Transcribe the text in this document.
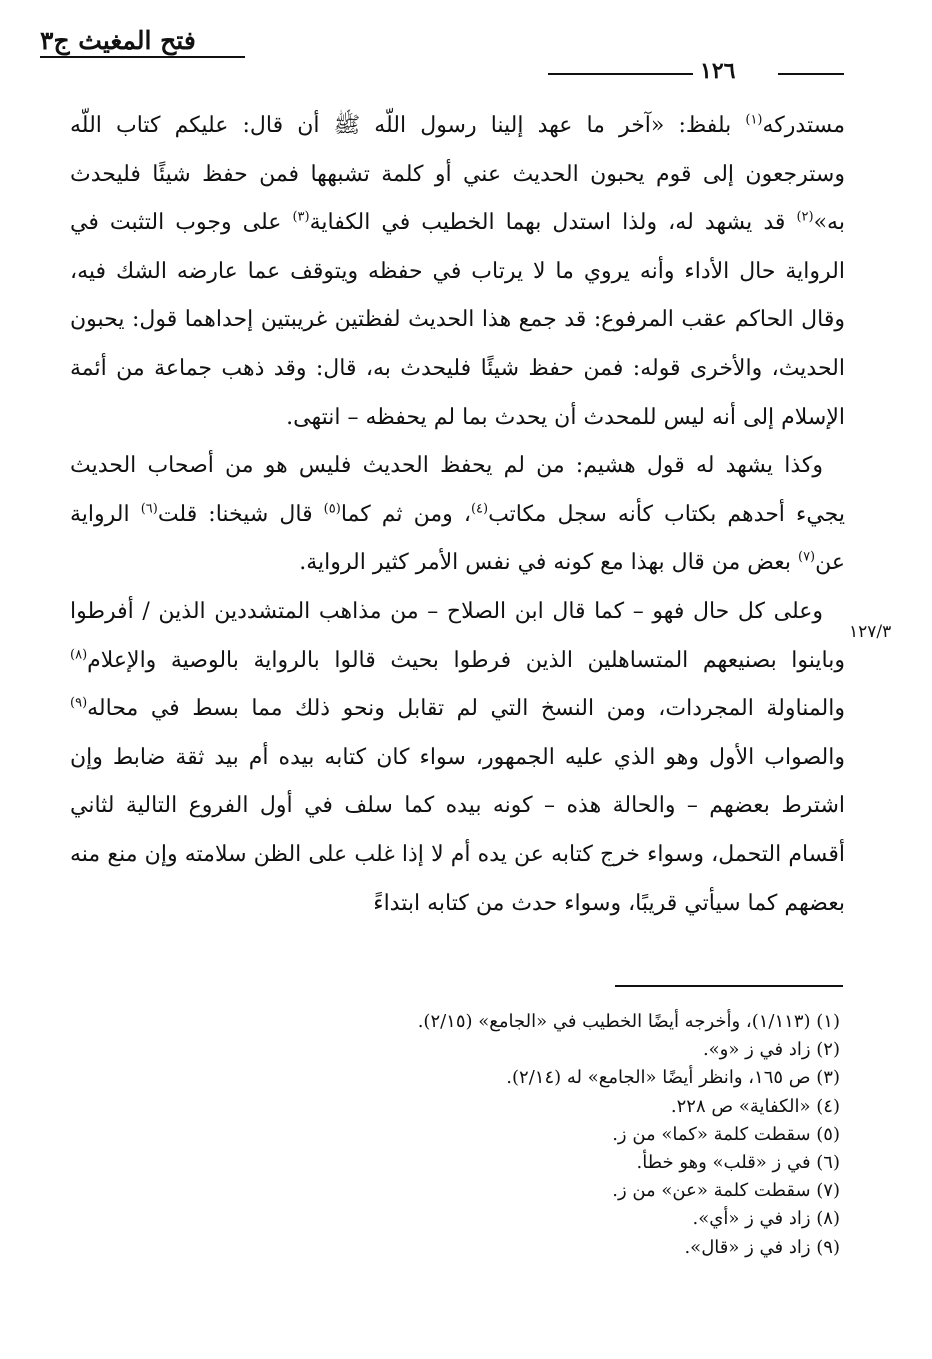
فتح المغيث ج٣
١٢٦

مستدركه$^{(١)}$ بلفظ: «آخر ما عهد إلينا رسول اللّه ﷺ أن قال: عليكم كتاب اللّه وسترجعون إلى قوم يحبون الحديث عني أو كلمة تشبهها فمن حفظ شيئًا فليحدث به»$^{(٢)}$ قد يشهد له، ولذا استدل بهما الخطيب في الكفاية$^{(٣)}$ على وجوب التثبت في الرواية حال الأداء وأنه يروي ما لا يرتاب في حفظه ويتوقف عما عارضه الشك فيه، وقال الحاكم عقب المرفوع: قد جمع هذا الحديث لفظتين غريبتين إحداهما قول: يحبون الحديث، والأخرى قوله: فمن حفظ شيئًا فليحدث به، قال: وقد ذهب جماعة من أئمة الإسلام إلى أنه ليس للمحدث أن يحدث بما لم يحفظه – انتهى.

وكذا يشهد له قول هشيم: من لم يحفظ الحديث فليس هو من أصحاب الحديث يجيء أحدهم بكتاب كأنه سجل مكاتب$^{(٤)}$، ومن ثم كما$^{(٥)}$ قال شيخنا: قلت$^{(٦)}$ الرواية عن$^{(٧)}$ بعض من قال بهذا مع كونه في نفس الأمر كثير الرواية.

وعلى كل حال فهو – كما قال ابن الصلاح – من مذاهب المتشددين الذين / أفرطوا وباينوا بصنيعهم المتساهلين الذين فرطوا بحيث قالوا بالرواية بالوصية والإعلام$^{(٨)}$ والمناولة المجردات، ومن النسخ التي لم تقابل ونحو ذلك مما بسط في محاله$^{(٩)}$ والصواب الأول وهو الذي عليه الجمهور، سواء كان كتابه بيده أم بيد ثقة ضابط وإن اشترط بعضهم – والحالة هذه – كونه بيده كما سلف في أول الفروع التالية لثاني أقسام التحمل، وسواء خرج كتابه عن يده أم لا إذا غلب على الظن سلامته وإن منع منه بعضهم كما سيأتي قريبًا، وسواء حدث من كتابه ابتداءً

١٢٧/٣
(١) (١/١١٣)، وأخرجه أيضًا الخطيب في «الجامع» (٢/١٥).
(٢) زاد في ز «و».
(٣) ص ١٦٥، وانظر أيضًا «الجامع» له (٢/١٤).
(٤) «الكفاية» ص ٢٢٨.
(٥) سقطت كلمة «كما» من ز.
(٦) في ز «قلب» وهو خطأ.
(٧) سقطت كلمة «عن» من ز.
(٨) زاد في ز «أي».
(٩) زاد في ز «قال».
